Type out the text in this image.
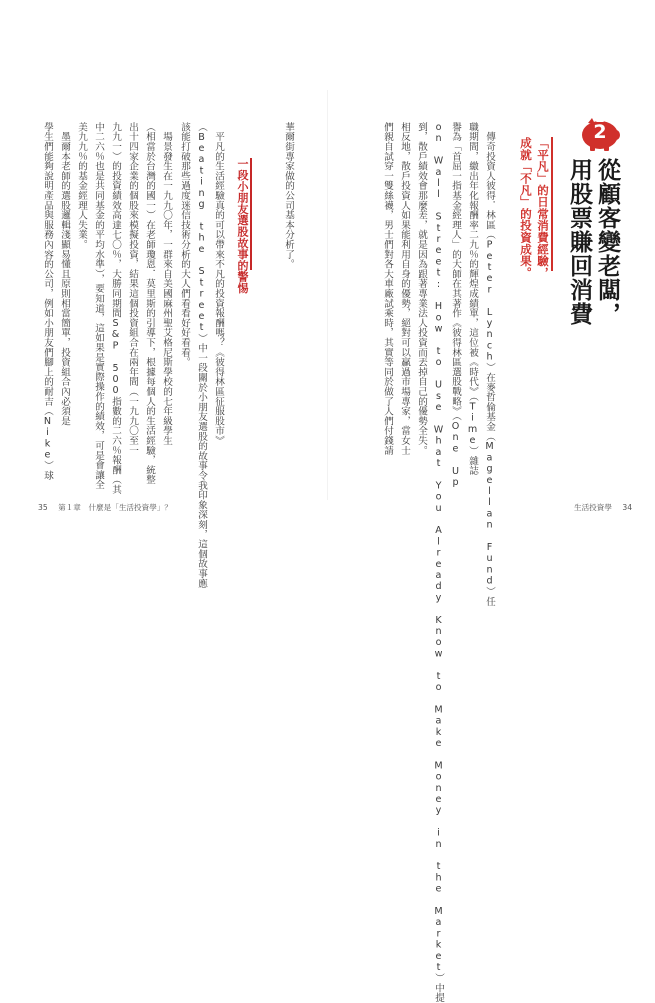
2
從顧客變老闆，
用股票賺回消費
「平凡」的日常消費經驗，
成就「不凡」的投資成果。
　傳奇投資人彼得．林區（Peter Lynch）在麥哲倫基金（Magellan Fund）任
職期間，繳出年化報酬率二九％的輝煌成績單，這位被《時代》（Time）雜誌
譽為「首屈一指基金經理人」的大師在其著作《彼得林區選股戰略》（One Up
on Wall Street: How to Use What You Already Know to Make Money in the Market）中提
到，散戶績效會那麼差，就是因為跟著專業法人投資而丟掉自己的優勢全失。
相反地，散戶投資人如果能利用自身的優勢，絕對可以贏過市場專家，當女士
們親自試穿一雙絲襪，男士們對各大車廠試乘時，其實等同於做了人們付錢請
華爾街專家做的公司基本分析了。
一段小朋友選股故事的警惕
　平凡的生活經驗真的可以帶來不凡的投資報酬嗎？《彼得林區征服股市》
（Beating the Street）中一段關於小朋友選股的故事令我印象深刻，這個故事應
該能打破那些過度迷信技術分析的大人們看看好好看看。
　場景發生在一九九〇年，一群來自美國麻州聖艾格尼斯學校的七年級學生
（相當於台灣的國一）在老師瓊恩．莫里斯的引導下，根據每個人的生活經驗，統整
出十四家企業的個股來模擬投資，結果這個投資組合在兩年間（一九九〇至一
九九一）的投資績效高達七〇％，大勝同期間S&P 500指數的二六％報酬（其
中二六％也是共同基金的平均水準），要知道，這如果是實際操作的績效，可是會讓全
美九九％的基金經理人失業。
　墨爾本老師的選股邏輯淺顯易懂且原則相當簡單，投資組合內必須是
學生們能夠說明產品與服務內容的公司，例如小朋友們腳上的耐吉（Nike）球
35 第１章　什麼是「生活投資學」？	生活投資學 34
